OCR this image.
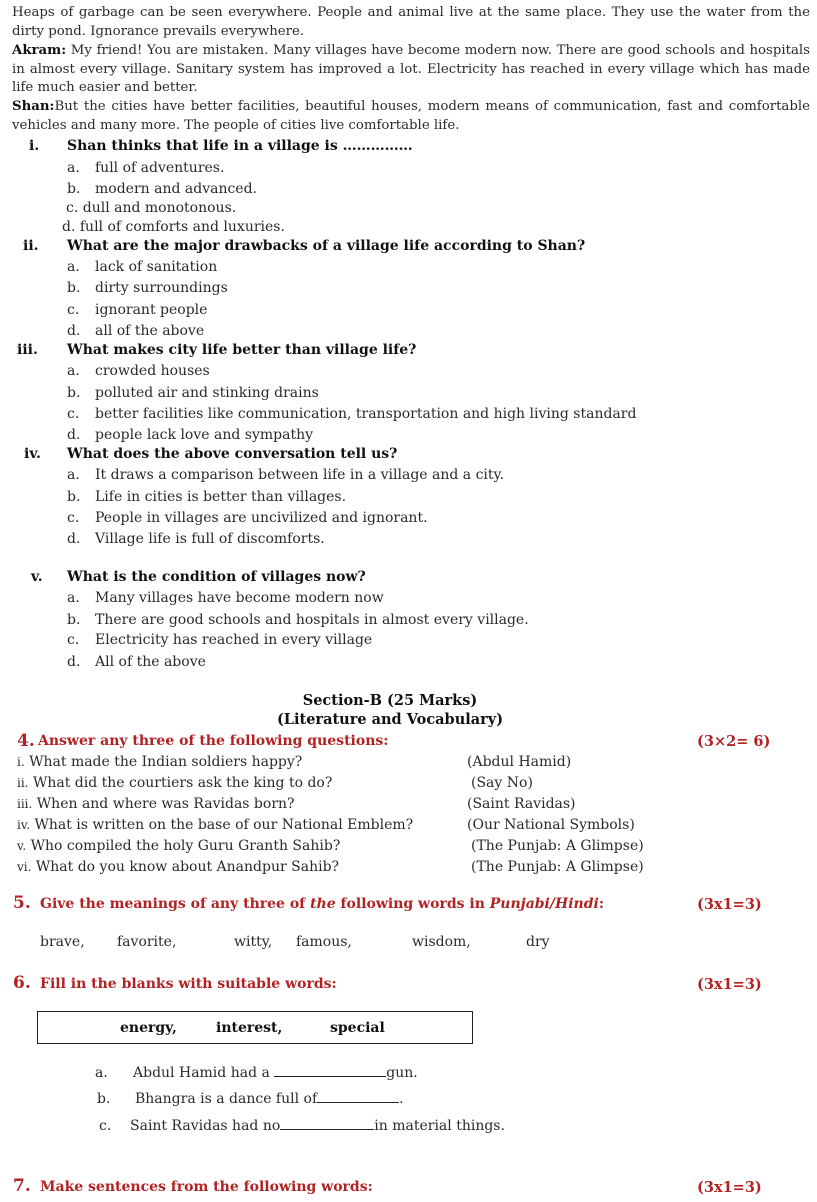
Heaps of garbage can be seen everywhere. People and animal live at the same place. They use the water from the dirty pond. Ignorance prevails everywhere.
Akram: My friend! You are mistaken. Many villages have become modern now. There are good schools and hospitals in almost every village. Sanitary system has improved a lot. Electricity has reached in every village which has made life much easier and better.
Shan:But the cities have better facilities, beautiful houses, modern means of communication, fast and comfortable vehicles and many more. The people of cities live comfortable life.
i. Shan thinks that life in a village is ……………
a. full of adventures.
b. modern and advanced.
c. dull and monotonous.
d. full of comforts and luxuries.
ii. What are the major drawbacks of a village life according to Shan?
a. lack of sanitation
b. dirty surroundings
c. ignorant people
d. all of the above
iii. What makes city life better than village life?
a. crowded houses
b. polluted air and stinking drains
c. better facilities like communication, transportation and high living standard
d. people lack love and sympathy
iv. What does the above conversation tell us?
a. It draws a comparison between life in a village and a city.
b. Life in cities is better than villages.
c. People in villages are uncivilized and ignorant.
d. Village life is full of discomforts.
v. What is the condition of villages now?
a. Many villages have become modern now
b. There are good schools and hospitals in almost every village.
c. Electricity has reached in every village
d. All of the above
Section-B (25 Marks)
(Literature and Vocabulary)
4. Answer any three of the following questions:	(3×2= 6)
i. What made the Indian soldiers happy?	(Abdul Hamid)
ii. What did the courtiers ask the king to do?	(Say No)
iii. When and where was Ravidas born?	(Saint Ravidas)
iv. What is written on the base of our National Emblem?	(Our National Symbols)
v. Who compiled the holy Guru Granth Sahib?	(The Punjab: A Glimpse)
vi. What do you know about Anandpur Sahib?	(The Punjab: A Glimpse)
5. Give the meanings of any three of the following words in Punjabi/Hindi:	(3x1=3)
brave, favorite,	witty, famous,	wisdom,	dry
6. Fill in the blanks with suitable words:	(3x1=3)
energy,	interest,	special
a. Abdul Hamid had a	gun.
b. Bhangra is a dance full of	.
c. Saint Ravidas had no	in material things.
7. Make sentences from the following words:	(3x1=3)
